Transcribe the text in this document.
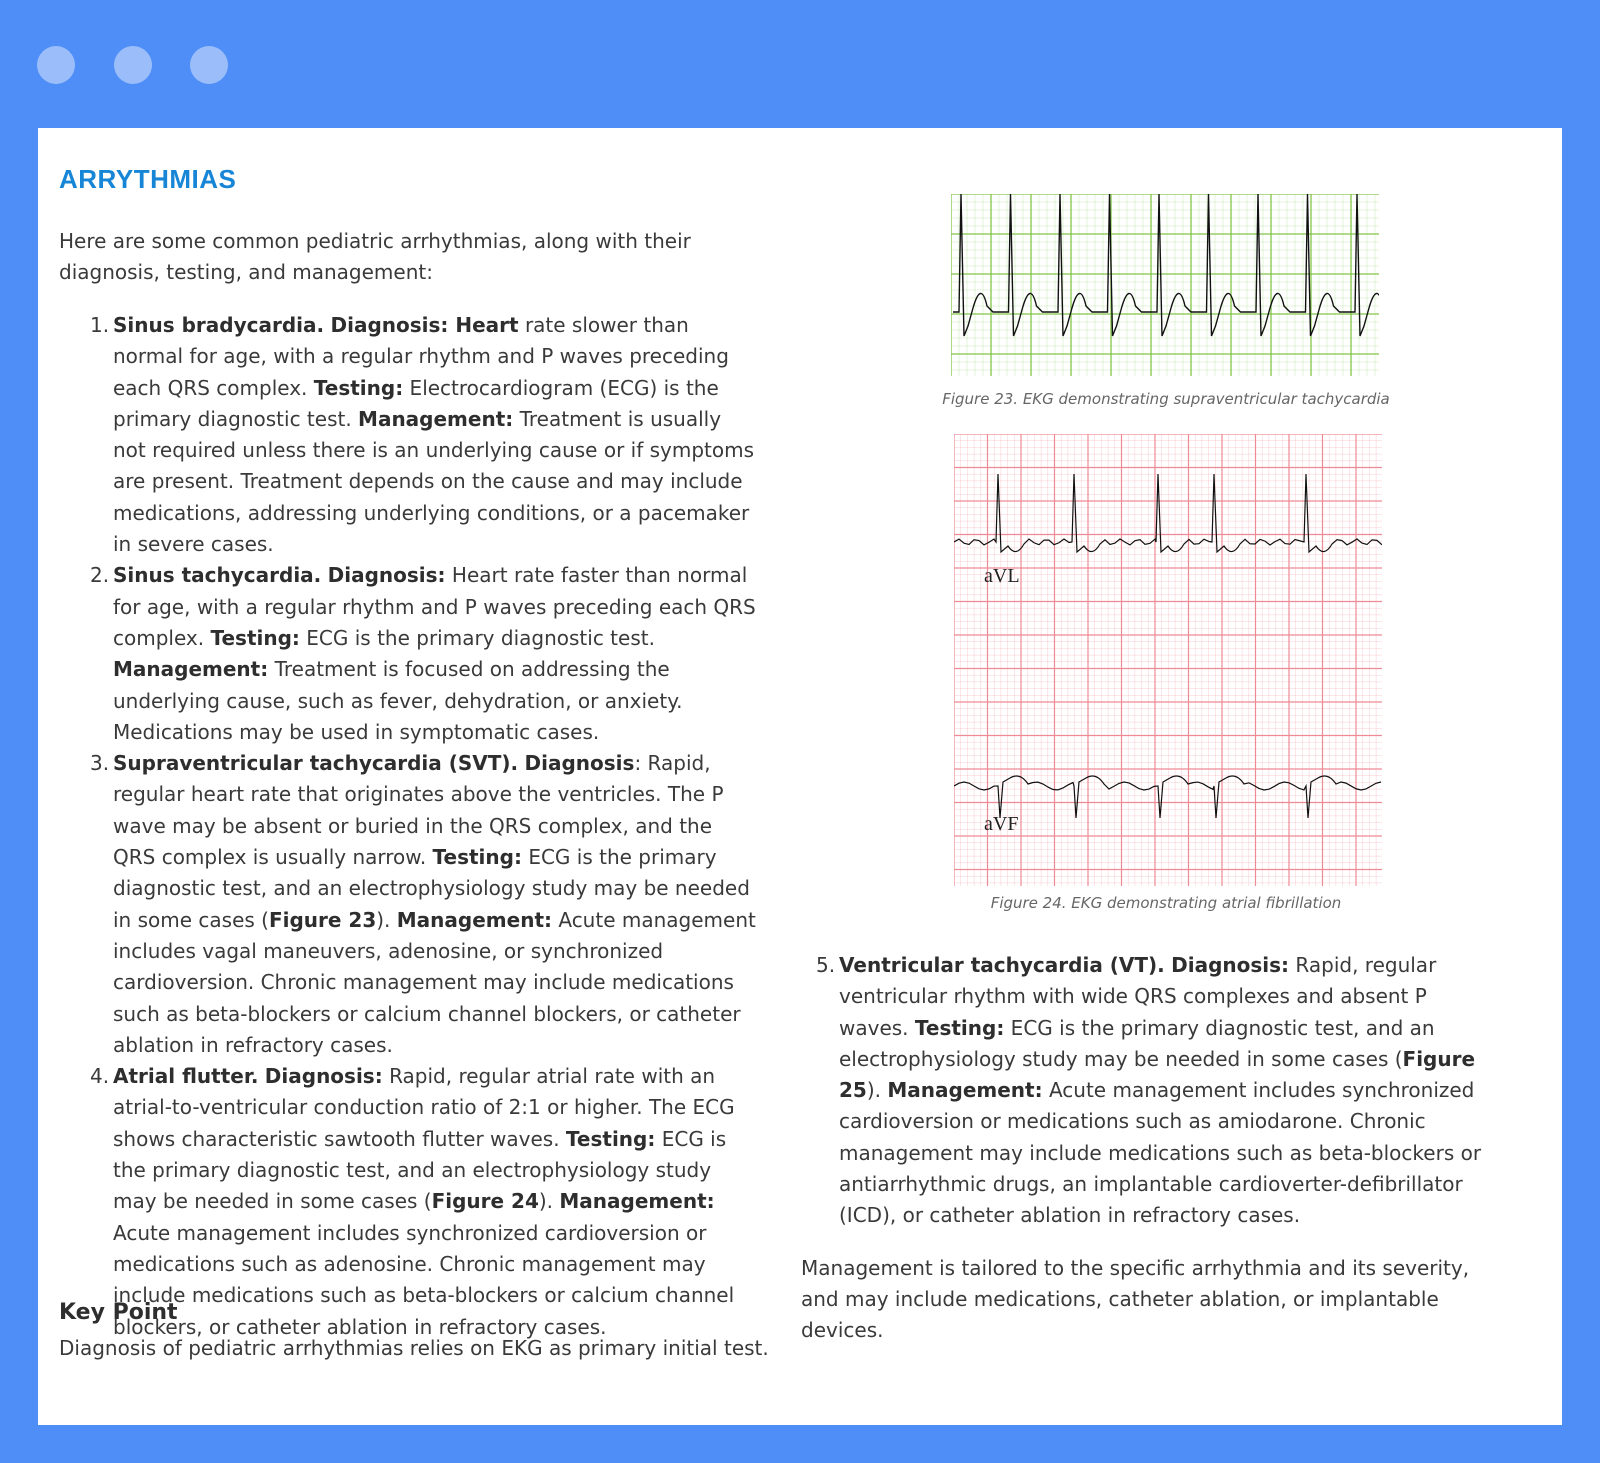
ARRYTHMIAS

Here are some common pediatric arrhythmias, along with their diagnosis, testing, and management:

1. Sinus bradycardia. Diagnosis: Heart rate slower than normal for age, with a regular rhythm and P waves preceding each QRS complex. Testing: Electrocardiogram (ECG) is the primary diagnostic test. Management: Treatment is usually not required unless there is an underlying cause or if symptoms are present. Treatment depends on the cause and may include medications, addressing underlying conditions, or a pacemaker in severe cases.
2. Sinus tachycardia. Diagnosis: Heart rate faster than normal for age, with a regular rhythm and P waves preceding each QRS complex. Testing: ECG is the primary diagnostic test. Management: Treatment is focused on addressing the underlying cause, such as fever, dehydration, or anxiety. Medications may be used in symptomatic cases.
3. Supraventricular tachycardia (SVT). Diagnosis: Rapid, regular heart rate that originates above the ventricles. The P wave may be absent or buried in the QRS complex, and the QRS complex is usually narrow. Testing: ECG is the primary diagnostic test, and an electrophysiology study may be needed in some cases (Figure 23). Management: Acute management includes vagal maneuvers, adenosine, or synchronized cardioversion. Chronic management may include medications such as beta-blockers or calcium channel blockers, or catheter ablation in refractory cases.
4. Atrial flutter. Diagnosis: Rapid, regular atrial rate with an atrial-to-ventricular conduction ratio of 2:1 or higher. The ECG shows characteristic sawtooth flutter waves. Testing: ECG is the primary diagnostic test, and an electrophysiology study may be needed in some cases (Figure 24). Management: Acute management includes synchronized cardioversion or medications such as adenosine. Chronic management may include medications such as beta-blockers or calcium channel blockers, or catheter ablation in refractory cases.
Key Point

Diagnosis of pediatric arrhythmias relies on EKG as primary initial test.

Figure 23. EKG demonstrating supraventricular tachycardia

aVL
aVF

Figure 24. EKG demonstrating atrial fibrillation

5. Ventricular tachycardia (VT). Diagnosis: Rapid, regular ventricular rhythm with wide QRS complexes and absent P waves. Testing: ECG is the primary diagnostic test, and an electrophysiology study may be needed in some cases (Figure 25). Management: Acute management includes synchronized cardioversion or medications such as amiodarone. Chronic management may include medications such as beta-blockers or antiarrhythmic drugs, an implantable cardioverter-defibrillator (ICD), or catheter ablation in refractory cases.

Management is tailored to the specific arrhythmia and its severity, and may include medications, catheter ablation, or implantable devices.
